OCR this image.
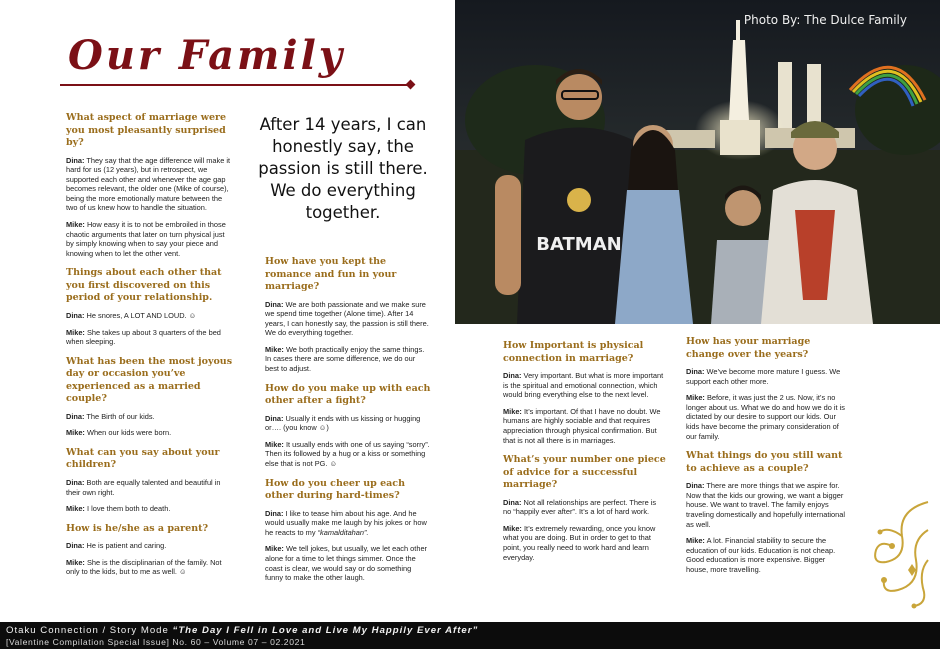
Our Family
What aspect of marriage were you most pleasantly surprised by?
Dina: They say that the age difference will make it hard for us (12 years), but in retrospect, we supported each other and whenever the age gap becomes relevant, the older one (Mike of course), being the more emotionally mature between the two of us knew how to handle the situation.
Mike: How easy it is to not be embroiled in those chaotic arguments that later on turn physical just by simply knowing when to say your piece and knowing when to let the other vent.
Things about each other that you first discovered on this period of your relationship.
Dina: He snores, A LOT AND LOUD. ☺
Mike: She takes up about 3 quarters of the bed when sleeping.
What has been the most joyous day or occasion you’ve experienced as a married couple?
Dina: The Birth of our kids.
Mike: When our kids were born.
What can you say about your children?
Dina: Both are equally talented and beautiful in their own right.
Mike: I love them both to death.
How is he/she as a parent?
Dina: He is patient and caring.
Mike: She is the disciplinarian of the family. Not only to the kids, but to me as well. ☺
After 14 years, I can honestly say, the passion is still there. We do everything together.
How have you kept the romance and fun in your marriage?
Dina: We are both passionate and we make sure we spend time together (Alone time). After 14 years, I can honestly say, the passion is still there. We do everything together.
Mike: We both practically enjoy the same things. In cases there are some difference, we do our best to adjust.
How do you make up with each other after a fight?
Dina: Usually it ends with us kissing or hugging or…. (you know ☺)
Mike: It usually ends with one of us saying “sorry”. Then its followed by a hug or a kiss or something else that is not PG. ☺
How do you cheer up each other during hard-times?
Dina: I like to tease him about his age. And he would usually make me laugh by his jokes or how he reacts to my “kamalditahan”.
Mike: We tell jokes, but usually, we let each other alone for a time to let things simmer. Once the coast is clear, we would say or do something funny to make the other laugh.
BATMAN
Photo By: The Dulce Family
How Important is physical connection in marriage?
Dina: Very important. But what is more important is the spiritual and emotional connection, which would bring everything else to the next level.
Mike: It’s important. Of that I have no doubt. We humans are highly sociable and that requires appreciation through physical confirmation. But that is not all there is in marriages.
What’s your number one piece of advice for a successful marriage?
Dina: Not all relationships are perfect. There is no “happily ever after”. It’s a lot of hard work.
Mike: It’s extremely rewarding, once you know what you are doing. But in order to get to that point, you really need to work hard and learn everyday.
How has your marriage change over the years?
Dina: We’ve become more mature I guess. We support each other more.
Mike: Before, it was just the 2 us. Now, it’s no longer about us. What we do and how we do it is dictated by our desire to support our kids. Our kids have become the primary consideration of our family.
What things do you still want to achieve as a couple?
Dina: There are more things that we aspire for. Now that the kids our growing, we want a bigger house. We want to travel. The family enjoys traveling domestically and hopefully international as well.
Mike: A lot. Financial stability to secure the education of our kids. Education is not cheap. Good education is more expensive. Bigger house, more travelling.
Otaku Connection / Story Mode “The Day I Fell in Love and Live My Happily Ever After”
[Valentine Compilation Special Issue] No. 60 – Volume 07 – 02.2021
